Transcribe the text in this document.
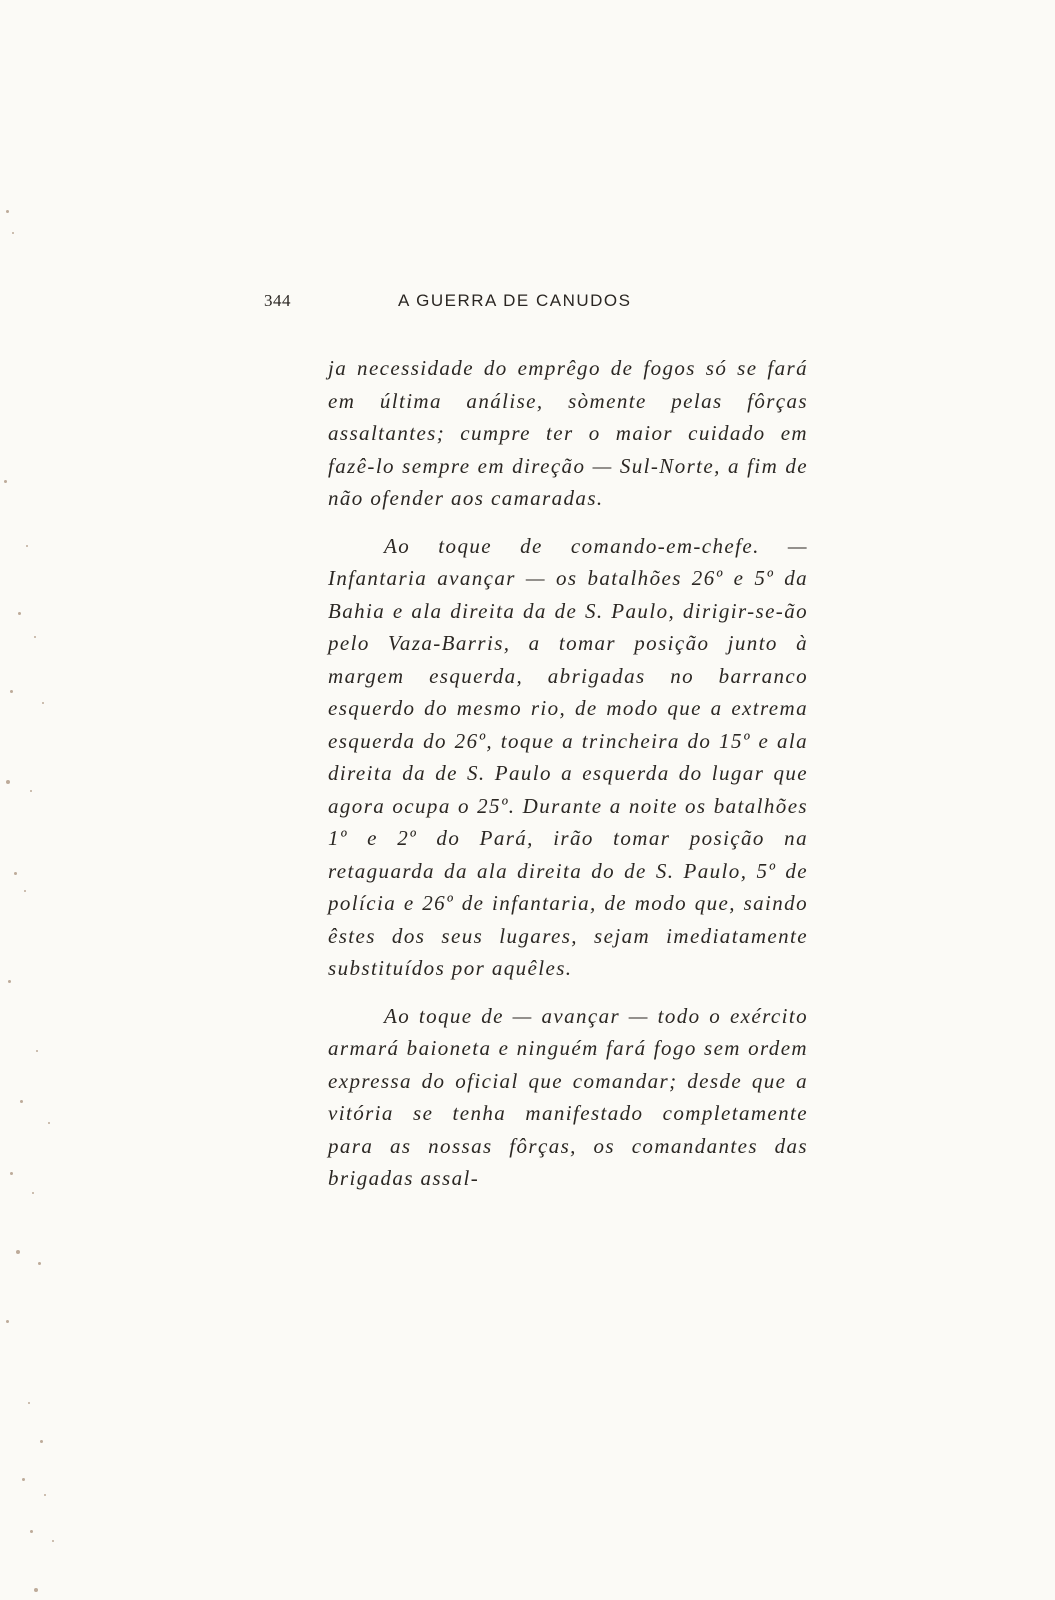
344	A GUERRA DE CANUDOS

ja necessidade do emprêgo de fogos só se fará em última análise, sòmente pelas fôrças assaltantes; cumpre ter o maior cuidado em fazê-lo sempre em direção — Sul-Norte, a fim de não ofender aos camaradas.

Ao toque de comando-em-chefe. — Infantaria avançar — os batalhões 26º e 5º da Bahia e ala direita da de S. Paulo, dirigir-se-ão pelo Vaza-Barris, a tomar posição junto à margem esquerda, abrigadas no barranco esquerdo do mesmo rio, de modo que a extrema esquerda do 26º, toque a trincheira do 15º e ala direita da de S. Paulo a esquerda do lugar que agora ocupa o 25º. Durante a noite os batalhões 1º e 2º do Pará, irão tomar posição na retaguarda da ala direita do de S. Paulo, 5º de polícia e 26º de infantaria, de modo que, saindo êstes dos seus lugares, sejam imediatamente substituídos por aquêles.

Ao toque de — avançar — todo o exército armará baioneta e ninguém fará fogo sem ordem expressa do oficial que comandar; desde que a vitória se tenha manifestado completamente para as nossas fôrças, os comandantes das brigadas assal-
